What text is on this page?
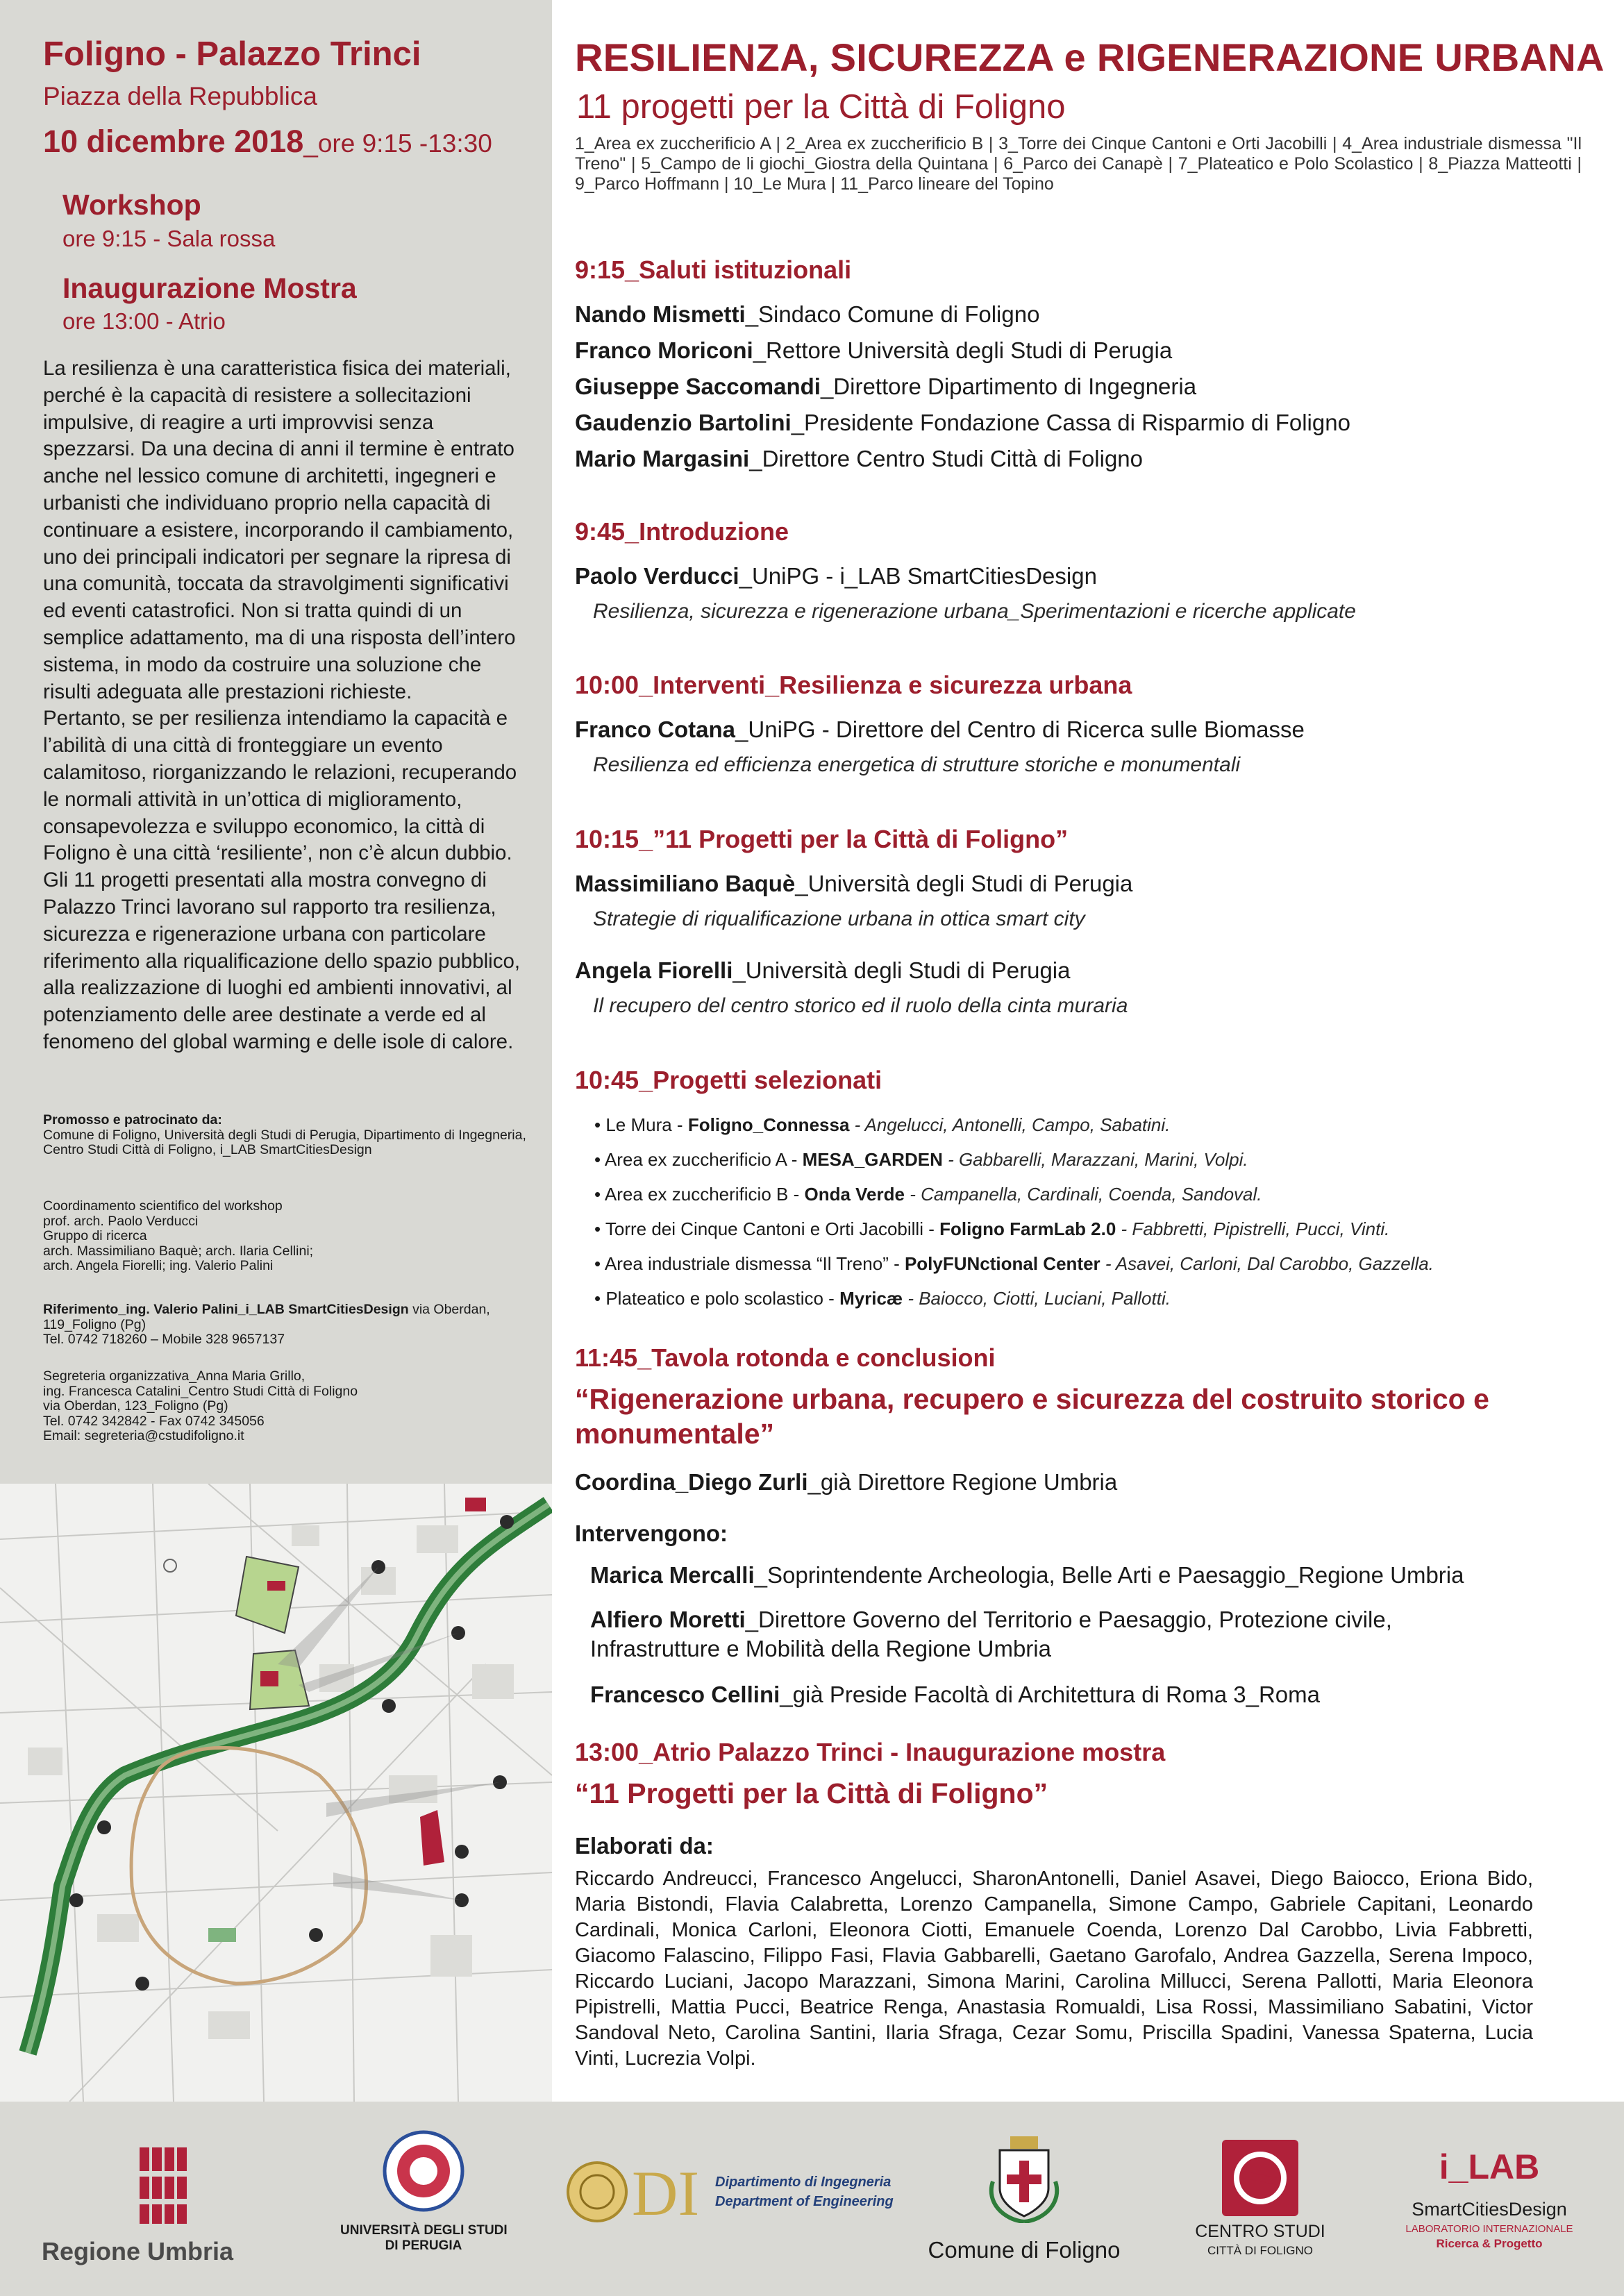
Foligno - Palazzo Trinci
Piazza della Repubblica
10 dicembre 2018_ore 9:15 -13:30
Workshop
ore 9:15 - Sala rossa
Inaugurazione Mostra
ore 13:00 - Atrio

La resilienza è una caratteristica fisica dei materiali, perché è la capacità di resistere a sollecitazioni impulsive, di reagire a urti improvvisi senza spezzarsi. Da una decina di anni il termine è entrato anche nel lessico comune di architetti, ingegneri e urbanisti che individuano proprio nella capacità di continuare a esistere, incorporando il cambiamento, uno dei principali indicatori per segnare la ripresa di una comunità, toccata da stravolgimenti significativi ed eventi catastrofici. Non si tratta quindi di un semplice adattamento, ma di una risposta dell’intero sistema, in modo da costruire una soluzione che risulti adeguata alle prestazioni richieste.

Pertanto, se per resilienza intendiamo la capacità e l’abilità di una città di fronteggiare un evento calamitoso, riorganizzando le relazioni, recuperando le normali attività in un’ottica di miglioramento, consapevolezza e sviluppo economico, la città di Foligno è una città ‘resiliente’, non c’è alcun dubbio.

Gli 11 progetti presentati alla mostra convegno di Palazzo Trinci lavorano sul rapporto tra resilienza, sicurezza e rigenerazione urbana con particolare riferimento alla riqualificazione dello spazio pubblico, alla realizzazione di luoghi ed ambienti innovativi, al potenziamento delle aree destinate a verde ed al fenomeno del global warming e delle isole di calore.

Promosso e patrocinato da:

Comune di Foligno, Università degli Studi di Perugia, Dipartimento di Ingegneria, Centro Studi Città di Foligno, i_LAB SmartCitiesDesign

Coordinamento scientifico del workshop

prof. arch. Paolo Verducci

Gruppo di ricerca

arch. Massimiliano Baquè; arch. Ilaria Cellini;

arch. Angela Fiorelli; ing. Valerio Palini

Riferimento_ing. Valerio Palini_i_LAB SmartCitiesDesign via Oberdan, 119_Foligno (Pg)

Tel. 0742 718260 – Mobile 328 9657137

Segreteria organizzativa_Anna Maria Grillo,

ing. Francesca Catalini_Centro Studi Città di Foligno

via Oberdan, 123_Foligno (Pg)

Tel. 0742 342842 - Fax 0742 345056

Email: segreteria@cstudifoligno.it

RESILIENZA, SICUREZZA e RIGENERAZIONE URBANA
11 progetti per la Città di Foligno
1_Area ex zuccherificio A | 2_Area ex zuccherificio B | 3_Torre dei Cinque Cantoni e Orti Jacobilli | 4_Area industriale dismessa "Il Treno" | 5_Campo de li giochi_Giostra della Quintana | 6_Parco dei Canapè | 7_Plateatico e Polo Scolastico | 8_Piazza Matteotti | 9_Parco Hoffmann | 10_Le Mura | 11_Parco lineare del Topino
9:15_Saluti istituzionali
Nando Mismetti_Sindaco Comune di Foligno
Franco Moriconi_Rettore Università degli Studi di Perugia
Giuseppe Saccomandi_Direttore Dipartimento di Ingegneria
Gaudenzio Bartolini_Presidente Fondazione Cassa di Risparmio di Foligno
Mario Margasini_Direttore Centro Studi Città di Foligno
9:45_Introduzione
Paolo Verducci_UniPG - i_LAB SmartCitiesDesign
Resilienza, sicurezza e rigenerazione urbana_Sperimentazioni e ricerche applicate
10:00_Interventi_Resilienza e sicurezza urbana
Franco Cotana_UniPG - Direttore del Centro di Ricerca sulle Biomasse
Resilienza ed efficienza energetica di strutture storiche e monumentali
10:15_”11 Progetti per la Città di Foligno”
Massimiliano Baquè_Università degli Studi di Perugia
Strategie di riqualificazione urbana in ottica smart city
Angela Fiorelli_Università degli Studi di Perugia
Il recupero del centro storico ed il ruolo della cinta muraria
10:45_Progetti selezionati
• Le Mura - Foligno_Connessa - Angelucci, Antonelli, Campo, Sabatini.
• Area ex zuccherificio A - MESA_GARDEN - Gabbarelli, Marazzani, Marini, Volpi.
• Area ex zuccherificio B - Onda Verde - Campanella, Cardinali, Coenda, Sandoval.
• Torre dei Cinque Cantoni e Orti Jacobilli - Foligno FarmLab 2.0 - Fabbretti, Pipistrelli, Pucci, Vinti.
• Area industriale dismessa “Il Treno” - PolyFUNctional Center - Asavei, Carloni, Dal Carobbo, Gazzella.
• Plateatico e polo scolastico - Myricæ - Baiocco, Ciotti, Luciani, Pallotti.
11:45_Tavola rotonda e conclusioni
“Rigenerazione urbana, recupero e sicurezza del costruito storico e monumentale”
Coordina_Diego Zurli_già Direttore Regione Umbria
Intervengono:
Marica Mercalli_Soprintendente Archeologia, Belle Arti e Paesaggio_Regione Umbria
Alfiero Moretti_Direttore Governo del Territorio e Paesaggio, Protezione civile,
Infrastrutture e Mobilità della Regione Umbria
Francesco Cellini_già Preside Facoltà di Architettura di Roma 3_Roma
13:00_Atrio Palazzo Trinci - Inaugurazione mostra
“11 Progetti per la Città di Foligno”
Elaborati da:
Riccardo Andreucci, Francesco Angelucci, SharonAntonelli, Daniel Asavei, Diego Baiocco, Eriona Bido, Maria Bistondi, Flavia Calabretta, Lorenzo Campanella, Simone Campo, Gabriele Capitani, Leonardo Cardinali, Monica Carloni, Eleonora Ciotti, Emanuele Coenda, Lorenzo Dal Carobbo, Livia Fabbretti, Giacomo Falascino, Filippo Fasi, Flavia Gabbarelli, Gaetano Garofalo, Andrea Gazzella, Serena Impoco, Riccardo Luciani, Jacopo Marazzani, Simona Marini, Carolina Millucci, Serena Pallotti, Maria Eleonora Pipistrelli, Mattia Pucci, Beatrice Renga, Anastasia Romualdi, Lisa Rossi, Massimiliano Sabatini, Victor Sandoval Neto, Carolina Santini, Ilaria Sfraga, Cezar Somu, Priscilla Spadini, Vanessa Spaterna, Lucia Vinti, Lucrezia Volpi.
Regione Umbria
UNIVERSITÀ DEGLI STUDI
DI PERUGIA
DI Dipartimento di Ingegneria
Department of Engineering
Comune di Foligno
CENTRO STUDI
CITTÀ DI FOLIGNO
i_LAB
SmartCitiesDesign
LABORATORIO INTERNAZIONALE
Ricerca & Progetto
